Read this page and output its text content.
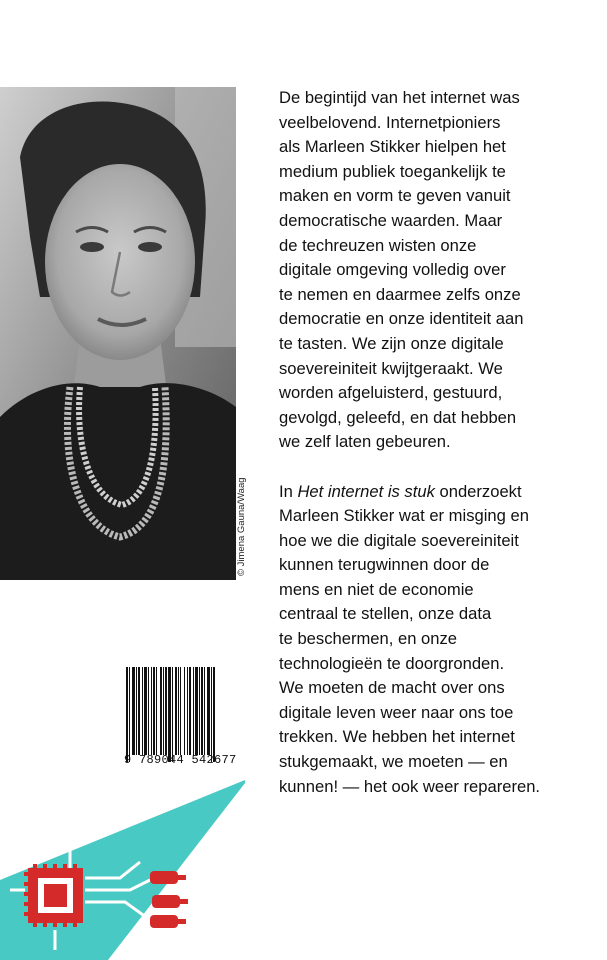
© Jimena Gauna/Waag
De begintijd van het internet was
veelbelovend. Internetpioniers
als Marleen Stikker hielpen het
medium publiek toegankelijk te
maken en vorm te geven vanuit
democratische waarden. Maar
de techreuzen wisten onze
digitale omgeving volledig over
te nemen en daarmee zelfs onze
democratie en onze identiteit aan
te tasten. We zijn onze digitale
soevereiniteit kwijtgeraakt. We
worden afgeluisterd, gestuurd,
gevolgd, geleefd, en dat hebben
we zelf laten gebeuren.
In Het internet is stuk onderzoekt
Marleen Stikker wat er misging en
hoe we die digitale soevereiniteit
kunnen terugwinnen door de
mens en niet de economie
centraal te stellen, onze data
te beschermen, en onze
technologieën te doorgronden.
We moeten de macht over ons
digitale leven weer naar ons toe
trekken. We hebben het internet
stukgemaakt, we moeten — en
kunnen! — het ook weer repareren.
9 789044 542677
